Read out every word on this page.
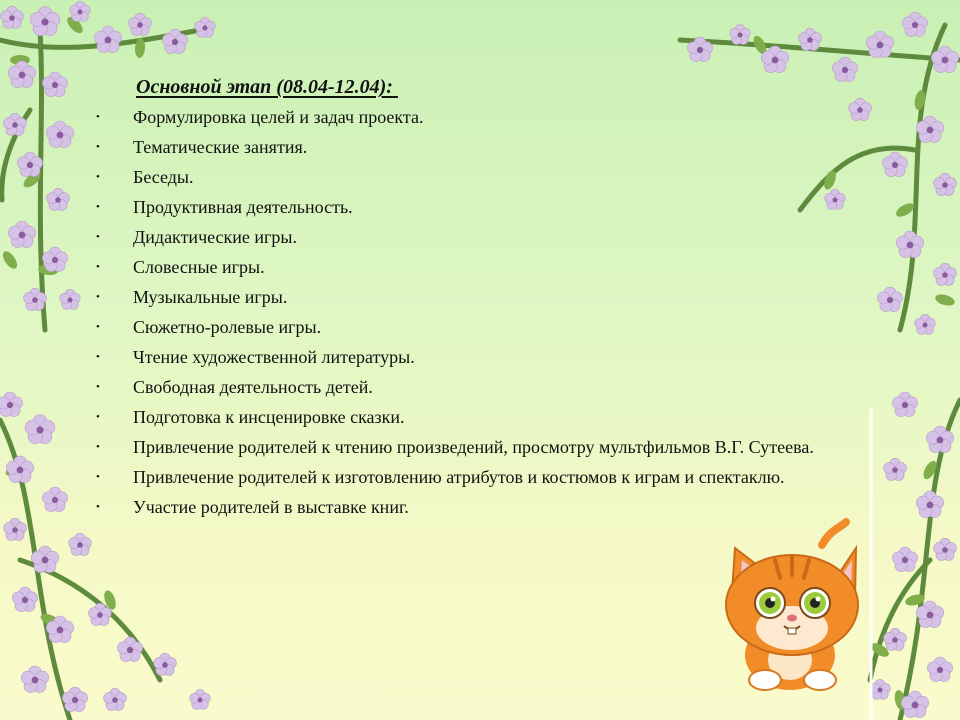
Основной этап (08.04-12.04):

• Формулировка целей и задач проекта.
• Тематические занятия.
• Беседы.
• Продуктивная деятельность.
• Дидактические игры.
• Словесные игры.
• Музыкальные игры.
• Сюжетно-ролевые игры.
• Чтение художественной литературы.
• Свободная деятельность детей.
• Подготовка к инсценировке сказки.
• Привлечение родителей к чтению произведений, просмотру мультфильмов В.Г. Сутеева.
• Привлечение родителей к изготовлению атрибутов и костюмов к играм и спектаклю.
• Участие родителей в выставке книг.
